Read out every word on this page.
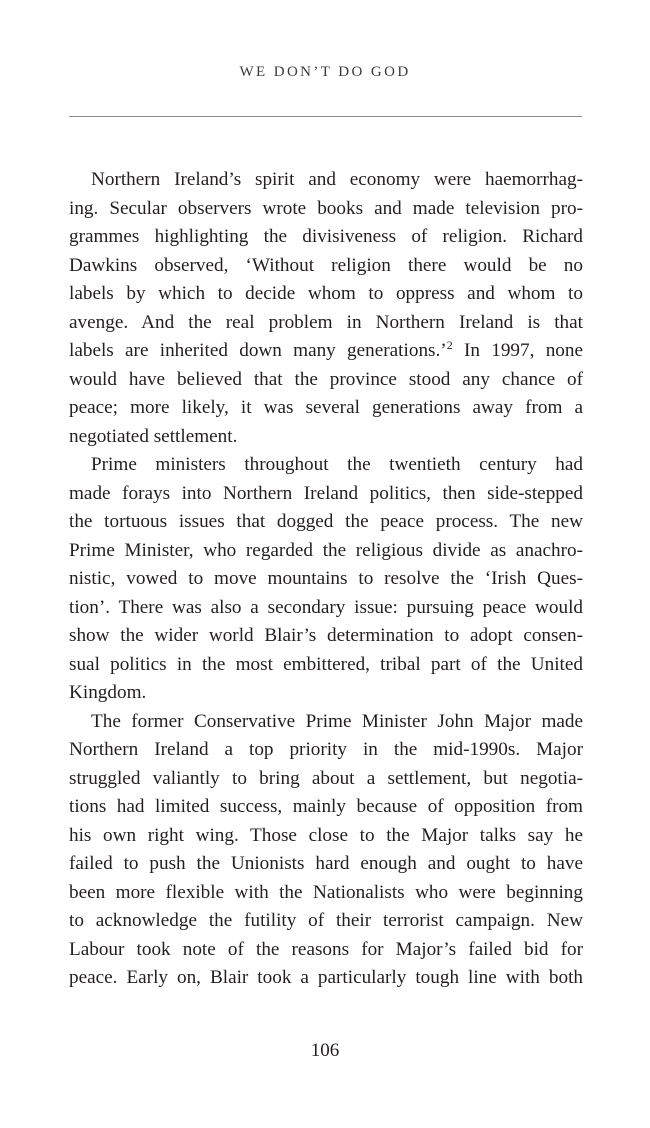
WE DON’T DO GOD
Northern Ireland’s spirit and economy were haemorrhag-
ing. Secular observers wrote books and made television pro-
grammes highlighting the divisiveness of religion. Richard
Dawkins observed, ‘Without religion there would be no
labels by which to decide whom to oppress and whom to
avenge. And the real problem in Northern Ireland is that
labels are inherited down many generations.’$^2$ In 1997, none
would have believed that the province stood any chance of
peace; more likely, it was several generations away from a
negotiated settlement.
Prime ministers throughout the twentieth century had
made forays into Northern Ireland politics, then side-stepped
the tortuous issues that dogged the peace process. The new
Prime Minister, who regarded the religious divide as anachro-
nistic, vowed to move mountains to resolve the ‘Irish Ques-
tion’. There was also a secondary issue: pursuing peace would
show the wider world Blair’s determination to adopt consen-
sual politics in the most embittered, tribal part of the United
Kingdom.
The former Conservative Prime Minister John Major made
Northern Ireland a top priority in the mid-1990s. Major
struggled valiantly to bring about a settlement, but negotia-
tions had limited success, mainly because of opposition from
his own right wing. Those close to the Major talks say he
failed to push the Unionists hard enough and ought to have
been more flexible with the Nationalists who were beginning
to acknowledge the futility of their terrorist campaign. New
Labour took note of the reasons for Major’s failed bid for
peace. Early on, Blair took a particularly tough line with both
106
